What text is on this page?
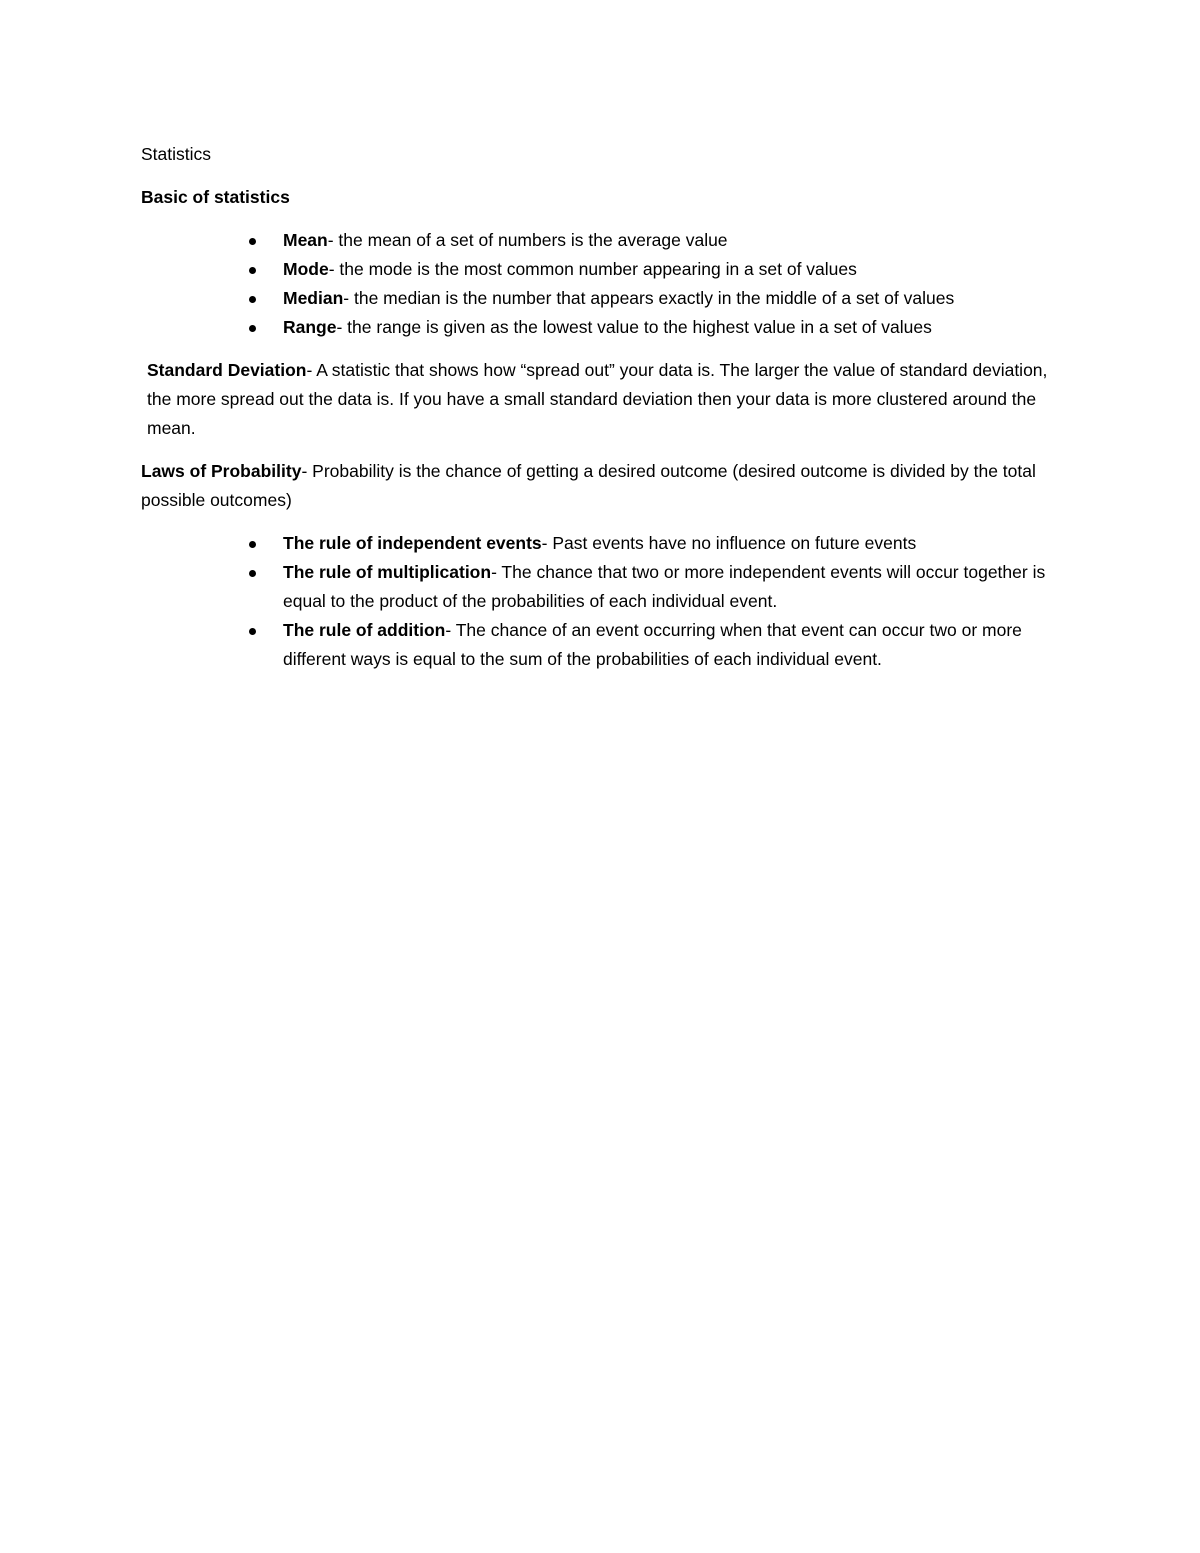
Statistics

Basic of statistics

Mean- the mean of a set of numbers is the average value
Mode- the mode is the most common number appearing in a set of values
Median- the median is the number that appears exactly in the middle of a set of values
Range- the range is given as the lowest value to the highest value in a set of values

Standard Deviation- A statistic that shows how “spread out” your data is. The larger the value of standard deviation, the more spread out the data is. If you have a small standard deviation then your data is more clustered around the mean.

Laws of Probability- Probability is the chance of getting a desired outcome (desired outcome is divided by the total possible outcomes)

The rule of independent events- Past events have no influence on future events
The rule of multiplication- The chance that two or more independent events will occur together is equal to the product of the probabilities of each individual event.
The rule of addition- The chance of an event occurring when that event can occur two or more different ways is equal to the sum of the probabilities of each individual event.
